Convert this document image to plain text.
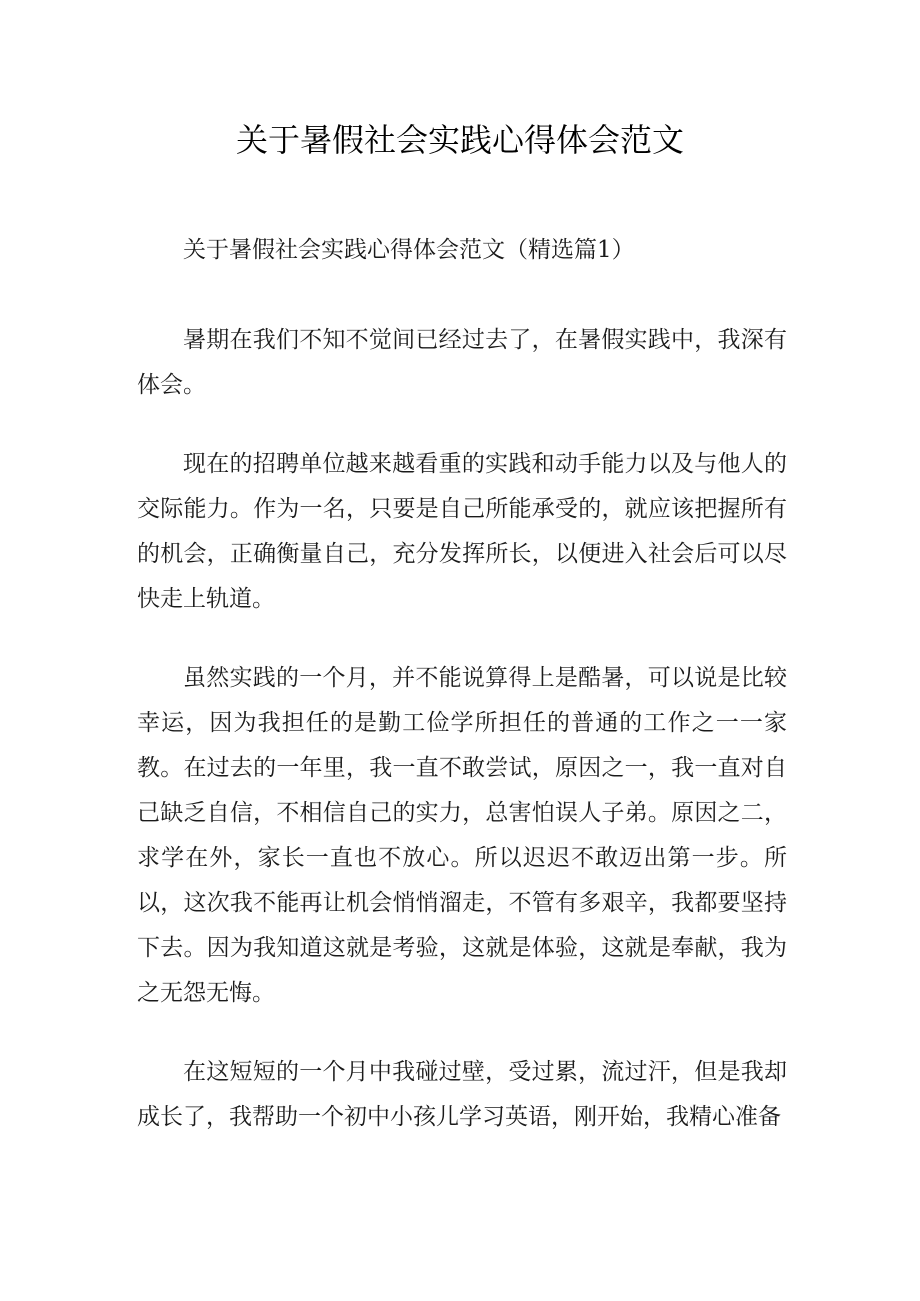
关于暑假社会实践心得体会范文

关于暑假社会实践心得体会范文（精选篇1）

暑期在我们不知不觉间已经过去了，在暑假实践中，我深有体会。

现在的招聘单位越来越看重的实践和动手能力以及与他人的交际能力。作为一名，只要是自己所能承受的，就应该把握所有的机会，正确衡量自己，充分发挥所长，以便进入社会后可以尽快走上轨道。

虽然实践的一个月，并不能说算得上是酷暑，可以说是比较幸运，因为我担任的是勤工俭学所担任的普通的工作之一一家教。在过去的一年里，我一直不敢尝试，原因之一，我一直对自己缺乏自信，不相信自己的实力，总害怕误人子弟。原因之二，求学在外，家长一直也不放心。所以迟迟不敢迈出第一步。所以，这次我不能再让机会悄悄溜走，不管有多艰辛，我都要坚持下去。因为我知道这就是考验，这就是体验，这就是奉献，我为之无怨无悔。

在这短短的一个月中我碰过壁，受过累，流过汗，但是我却成长了，我帮助一个初中小孩儿学习英语，刚开始，我精心准备
